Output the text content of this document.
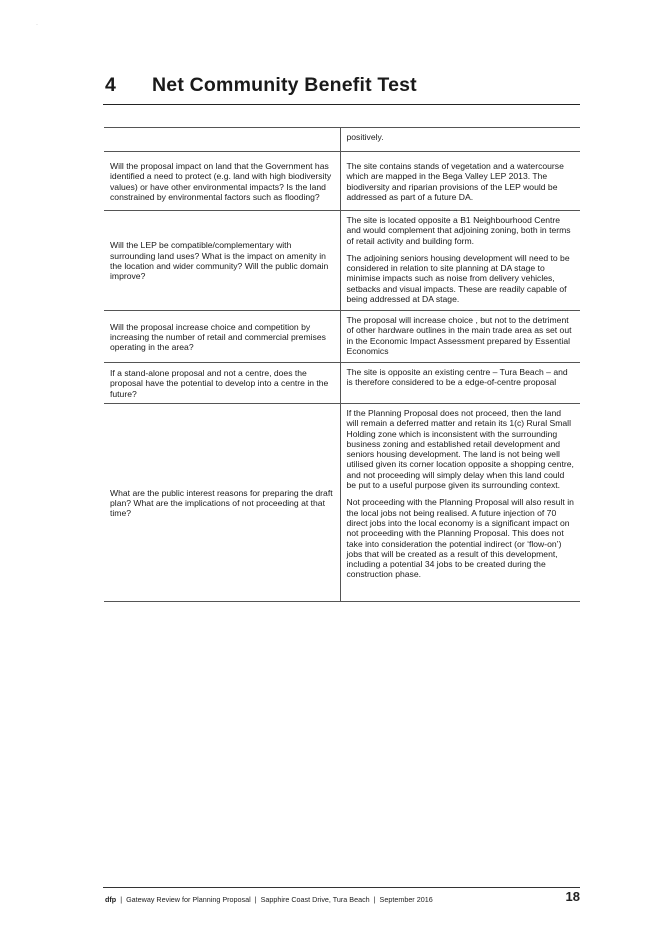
·
4 Net Community Benefit Test

	positively.

Will the proposal impact on land that the Government has identified a need to protect (e.g. land with high biodiversity values) or have other environmental impacts? Is the land constrained by environmental factors such as flooding?	The site contains stands of vegetation and a watercourse which are mapped in the Bega Valley LEP 2013. The biodiversity and riparian provisions of the LEP would be addressed as part of a future DA.

Will the LEP be compatible/complementary with surrounding land uses? What is the impact on amenity in the location and wider community? Will the public domain improve?	The site is located opposite a B1 Neighbourhood Centre and would complement that adjoining zoning, both in terms of retail activity and building form.

The adjoining seniors housing development will need to be considered in relation to site planning at DA stage to minimise impacts such as noise from delivery vehicles, setbacks and visual impacts. These are readily capable of being addressed at DA stage.

Will the proposal increase choice and competition by increasing the number of retail and commercial premises operating in the area?	The proposal will increase choice , but not to the detriment of other hardware outlines in the main trade area as set out in the Economic Impact Assessment prepared by Essential Economics

If a stand-alone proposal and not a centre, does the proposal have the potential to develop into a centre in the future?	The site is opposite an existing centre – Tura Beach – and is therefore considered to be a edge-of-centre proposal

What are the public interest reasons for preparing the draft plan? What are the implications of not proceeding at that time?	If the Planning Proposal does not proceed, then the land will remain a deferred matter and retain its 1(c) Rural Small Holding zone which is inconsistent with the surrounding business zoning and established retail development and seniors housing development. The land is not being well utilised given its corner location opposite a shopping centre, and not proceeding will simply delay when this land could be put to a useful purpose given its surrounding context.

Not proceeding with the Planning Proposal will also result in the local jobs not being realised. A future injection of 70 direct jobs into the local economy is a significant impact on not proceeding with the Planning Proposal. This does not take into consideration the potential indirect (or ‘flow-on’) jobs that will be created as a result of this development, including a potential 34 jobs to be created during the construction phase.

dfp | Gateway Review for Planning Proposal | Sapphire Coast Drive, Tura Beach | September 2016	18
